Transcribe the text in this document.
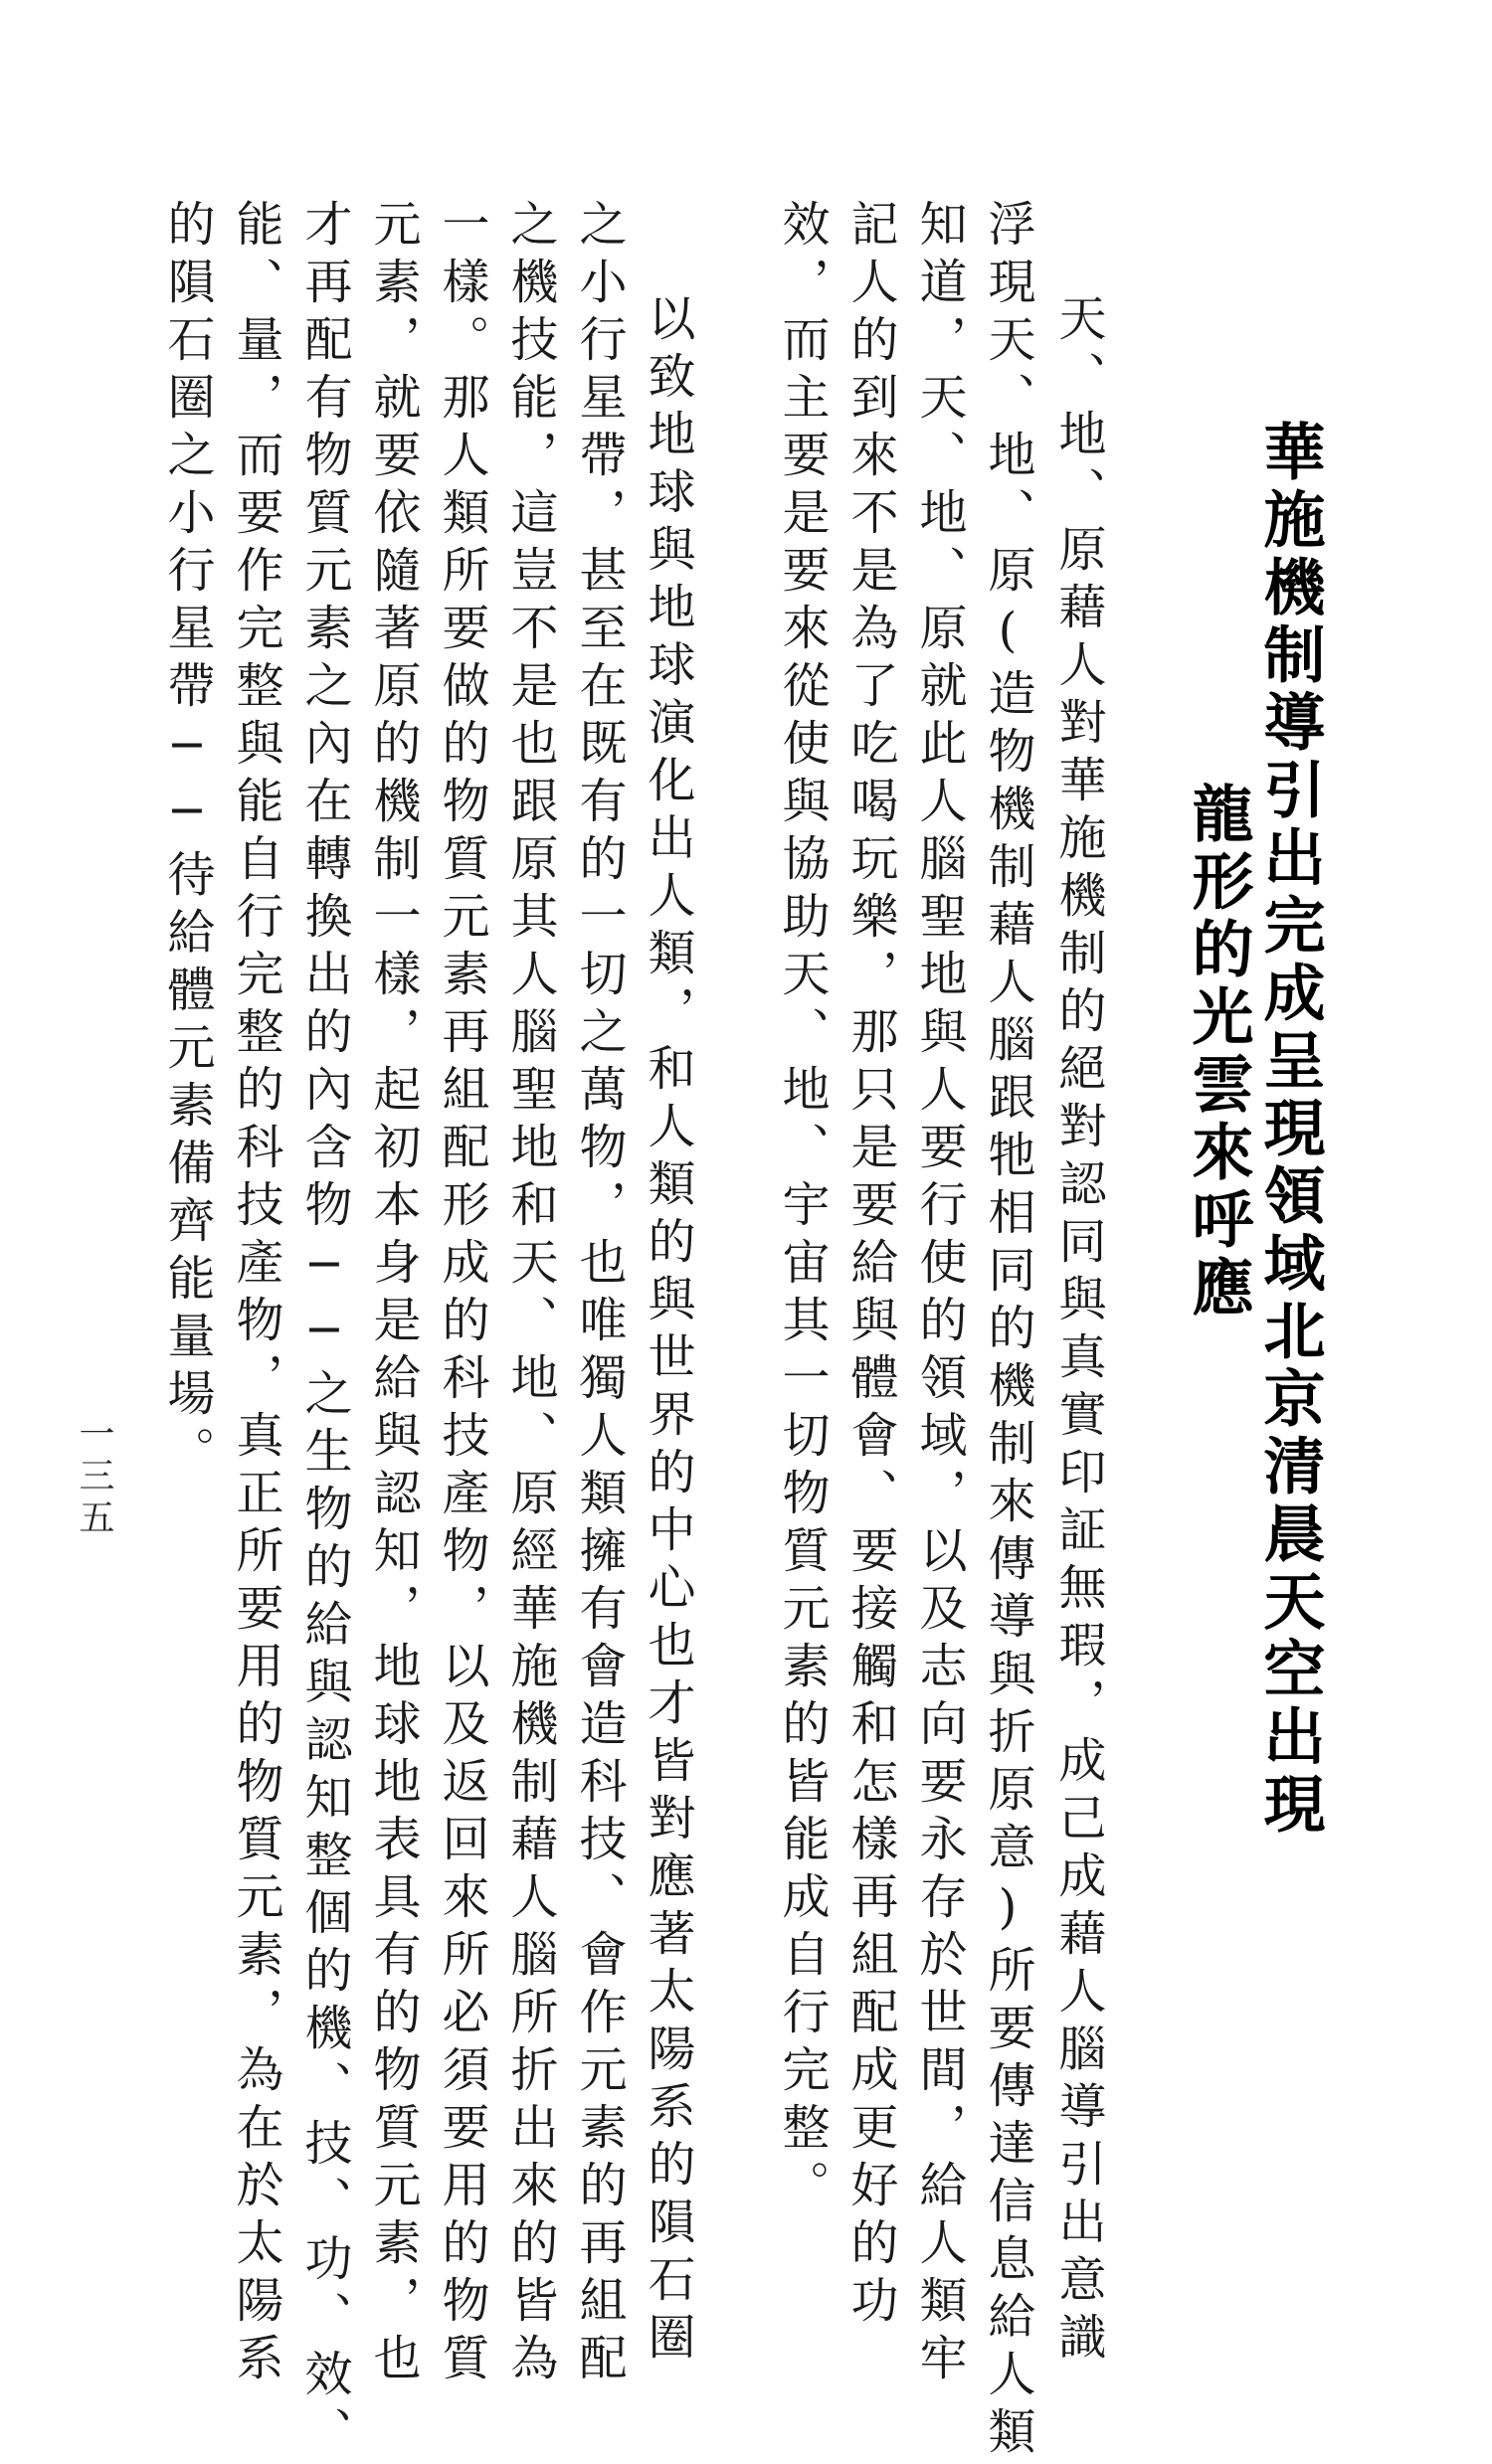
華施機制導引出完成呈現領域北京清晨天空出現
龍形的光雲來呼應
天、地、原藉人對華施機制的絕對認同與真實印証無瑕，成己成藉人腦導引出意識
浮現天、地、原(造物機制藉人腦跟牠相同的機制來傳導與折原意)所要傳達信息給人類
知道，天、地、原就此人腦聖地與人要行使的領域，以及志向要永存於世間，給人類牢
記人的到來不是為了吃喝玩樂，那只是要給與體會、要接觸和怎樣再組配成更好的功
效，而主要是要來從使與協助天、地、宇宙其一切物質元素的皆能成自行完整。
以致地球與地球演化出人類，和人類的與世界的中心也才皆對應著太陽系的隕石圈
之小行星帶，甚至在既有的一切之萬物，也唯獨人類擁有會造科技、會作元素的再組配
之機技能，這豈不是也跟原其人腦聖地和天、地、原經華施機制藉人腦所折出來的皆為
一樣。那人類所要做的物質元素再組配形成的科技產物，以及返回來所必須要用的物質
元素，就要依隨著原的機制一樣，起初本身是給與認知，地球地表具有的物質元素，也
才再配有物質元素之內在轉換出的內含物──之生物的給與認知整個的機、技、功、效、
能、量，而要作完整與能自行完整的科技產物，真正所要用的物質元素，為在於太陽系
的隕石圈之小行星帶──待給體元素備齊能量場。
一三五
